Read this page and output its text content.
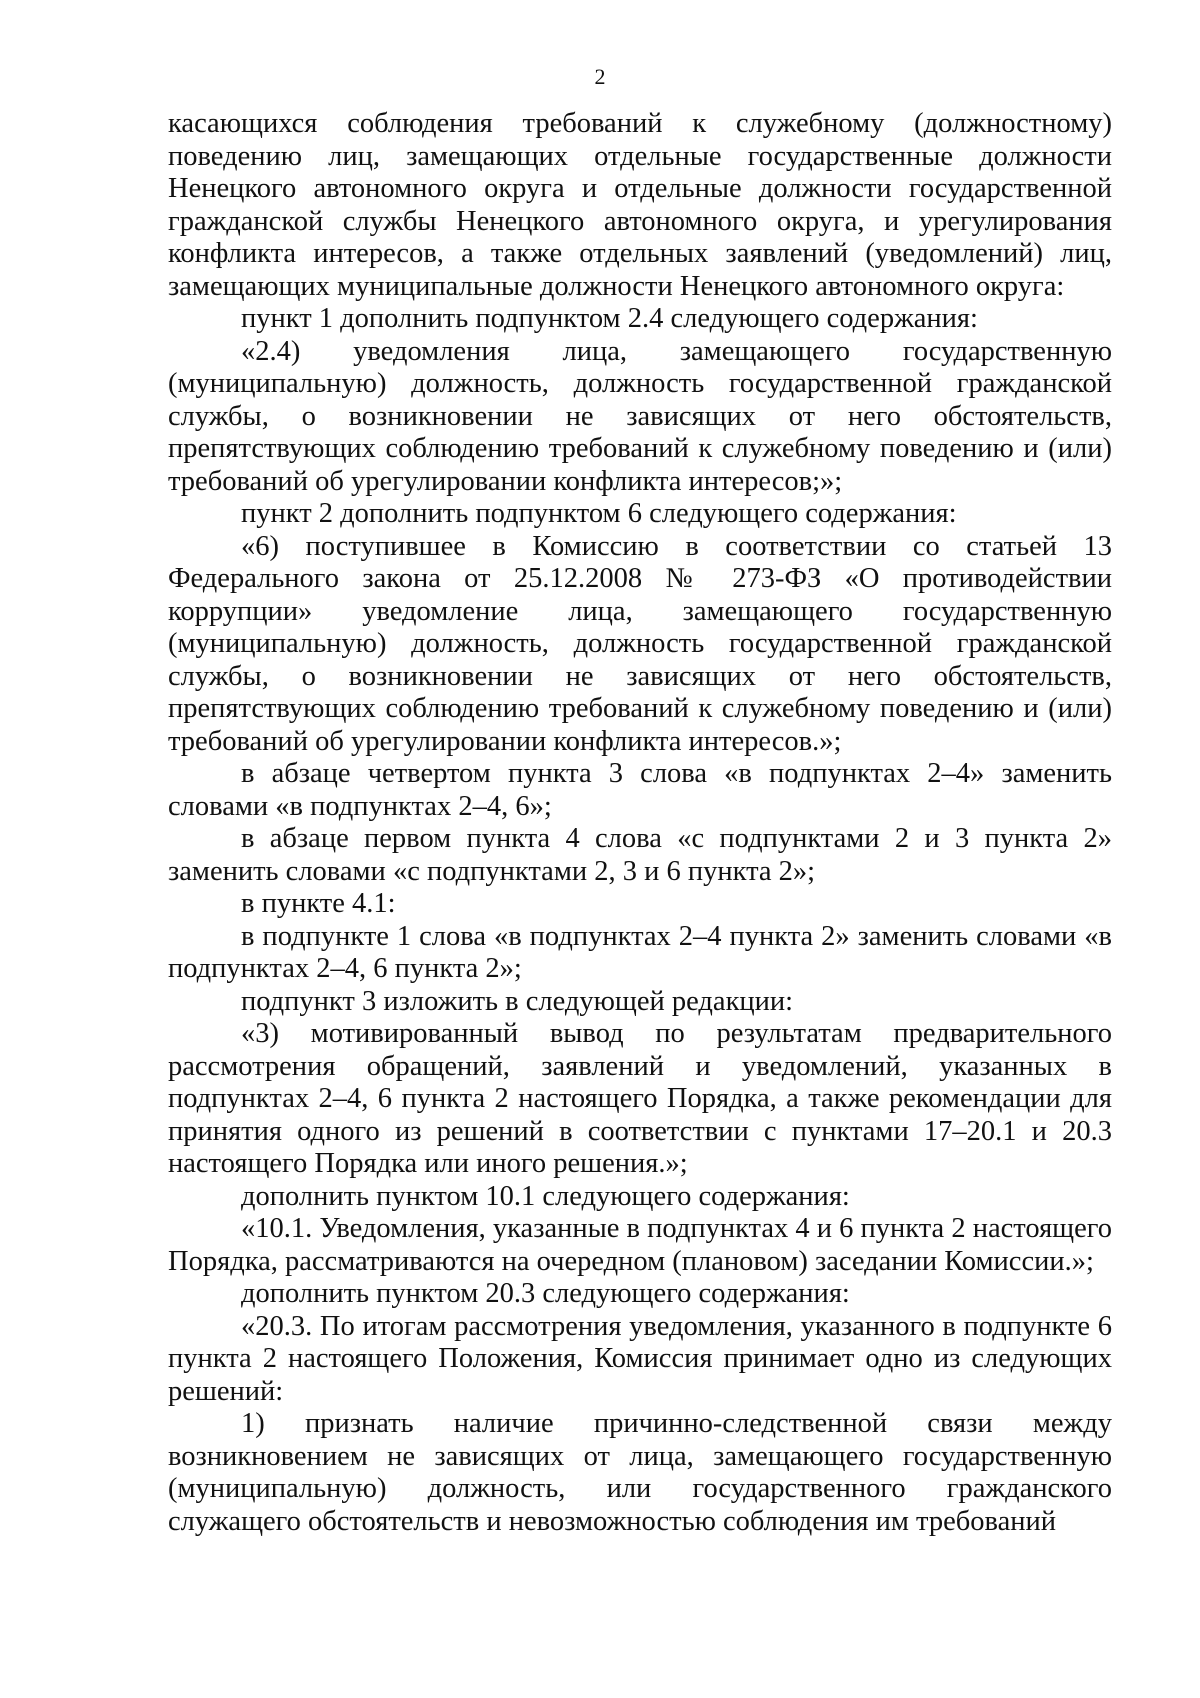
2

касающихся соблюдения требований к служебному (должностному) поведению лиц, замещающих отдельные государственные должности Ненецкого автономного округа и отдельные должности государственной гражданской службы Ненецкого автономного округа, и урегулирования конфликта интересов, а также отдельных заявлений (уведомлений) лиц, замещающих муниципальные должности Ненецкого автономного округа:

пункт 1 дополнить подпунктом 2.4 следующего содержания:

«2.4) уведомления лица, замещающего государственную (муниципальную) должность, должность государственной гражданской службы, о возникновении не зависящих от него обстоятельств, препятствующих соблюдению требований к служебному поведению и (или) требований об урегулировании конфликта интересов;»;

пункт 2 дополнить подпунктом 6 следующего содержания:

«6) поступившее в Комиссию в соответствии со статьей 13 Федерального закона от 25.12.2008 № 273-ФЗ «О противодействии коррупции» уведомление лица, замещающего государственную (муниципальную) должность, должность государственной гражданской службы, о возникновении не зависящих от него обстоятельств, препятствующих соблюдению требований к служебному поведению и (или) требований об урегулировании конфликта интересов.»;

в абзаце четвертом пункта 3 слова «в подпунктах 2–4» заменить словами «в подпунктах 2–4, 6»;

в абзаце первом пункта 4 слова «с подпунктами 2 и 3 пункта 2» заменить словами «с подпунктами 2, 3 и 6 пункта 2»;

в пункте 4.1:

в подпункте 1 слова «в подпунктах 2–4 пункта 2» заменить словами «в подпунктах 2–4, 6 пункта 2»;

подпункт 3 изложить в следующей редакции:

«3) мотивированный вывод по результатам предварительного рассмотрения обращений, заявлений и уведомлений, указанных в подпунктах 2–4, 6 пункта 2 настоящего Порядка, а также рекомендации для принятия одного из решений в соответствии с пунктами 17–20.1 и 20.3 настоящего Порядка или иного решения.»;

дополнить пунктом 10.1 следующего содержания:

«10.1. Уведомления, указанные в подпунктах 4 и 6 пункта 2 настоящего Порядка, рассматриваются на очередном (плановом) заседании Комиссии.»;

дополнить пунктом 20.3 следующего содержания:

«20.3. По итогам рассмотрения уведомления, указанного в подпункте 6 пункта 2 настоящего Положения, Комиссия принимает одно из следующих решений:

1) признать наличие причинно-следственной связи между возникновением не зависящих от лица, замещающего государственную (муниципальную) должность, или государственного гражданского служащего обстоятельств и невозможностью соблюдения им требований
